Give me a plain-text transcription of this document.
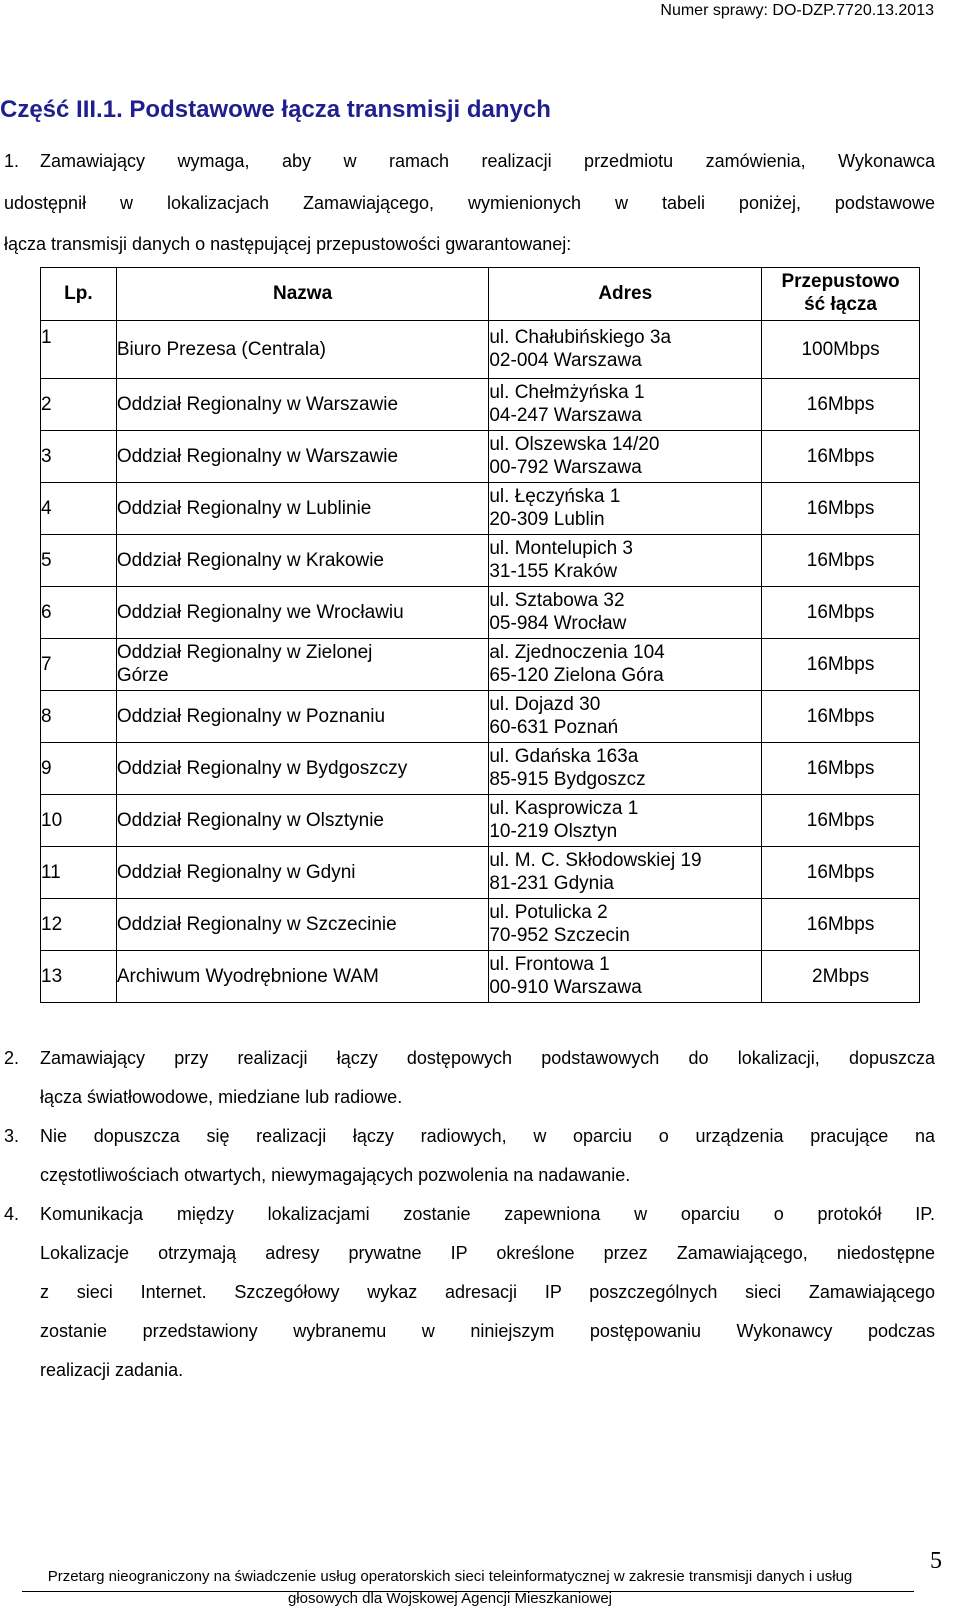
Numer sprawy: DO-DZP.7720.13.2013
Część III.1. Podstawowe łącza transmisji danych
1. Zamawiający wymaga, aby w ramach realizacji przedmiotu zamówienia, Wykonawca
udostępnił w lokalizacjach Zamawiającego, wymienionych w tabeli poniżej, podstawowe
łącza transmisji danych o następującej przepustowości gwarantowanej:
Lp.	Nazwa	Adres	Przepustowo
ść łącza

1	Biuro Prezesa (Centrala)	ul. Chałubińskiego 3a
02-004 Warszawa	100Mbps
2	Oddział Regionalny w Warszawie	ul. Chełmżyńska 1
04-247 Warszawa	16Mbps
3	Oddział Regionalny w Warszawie	ul. Olszewska 14/20
00-792 Warszawa	16Mbps
4	Oddział Regionalny w Lublinie	ul. Łęczyńska 1
20-309 Lublin	16Mbps
5	Oddział Regionalny w Krakowie	ul. Montelupich 3
31-155 Kraków	16Mbps
6	Oddział Regionalny we Wrocławiu	ul. Sztabowa 32
05-984 Wrocław	16Mbps
7	Oddział Regionalny w Zielonej
Górze	al. Zjednoczenia 104
65-120 Zielona Góra	16Mbps
8	Oddział Regionalny w Poznaniu	ul. Dojazd 30
60-631 Poznań	16Mbps
9	Oddział Regionalny w Bydgoszczy	ul. Gdańska 163a
85-915 Bydgoszcz	16Mbps
10	Oddział Regionalny w Olsztynie	ul. Kasprowicza 1
10-219 Olsztyn	16Mbps
11	Oddział Regionalny w Gdyni	ul. M. C. Skłodowskiej 19
81-231 Gdynia	16Mbps
12	Oddział Regionalny w Szczecinie	ul. Potulicka 2
70-952 Szczecin	16Mbps
13	Archiwum Wyodrębnione WAM	ul. Frontowa 1
00-910 Warszawa	2Mbps
2. Zamawiający przy realizacji łączy dostępowych podstawowych do lokalizacji, dopuszcza
łącza światłowodowe, miedziane lub radiowe.
3. Nie dopuszcza się realizacji łączy radiowych, w oparciu o urządzenia pracujące na
częstotliwościach otwartych, niewymagających pozwolenia na nadawanie.
4. Komunikacja między lokalizacjami zostanie zapewniona w oparciu o protokół IP.
Lokalizacje otrzymają adresy prywatne IP określone przez Zamawiającego, niedostępne
z sieci Internet. Szczegółowy wykaz adresacji IP poszczególnych sieci Zamawiającego
zostanie przedstawiony wybranemu w niniejszym postępowaniu Wykonawcy podczas
realizacji zadania.
Przetarg nieograniczony na świadczenie usług operatorskich sieci teleinformatycznej w zakresie transmisji danych i usług
głosowych dla Wojskowej Agencji Mieszkaniowej
5
